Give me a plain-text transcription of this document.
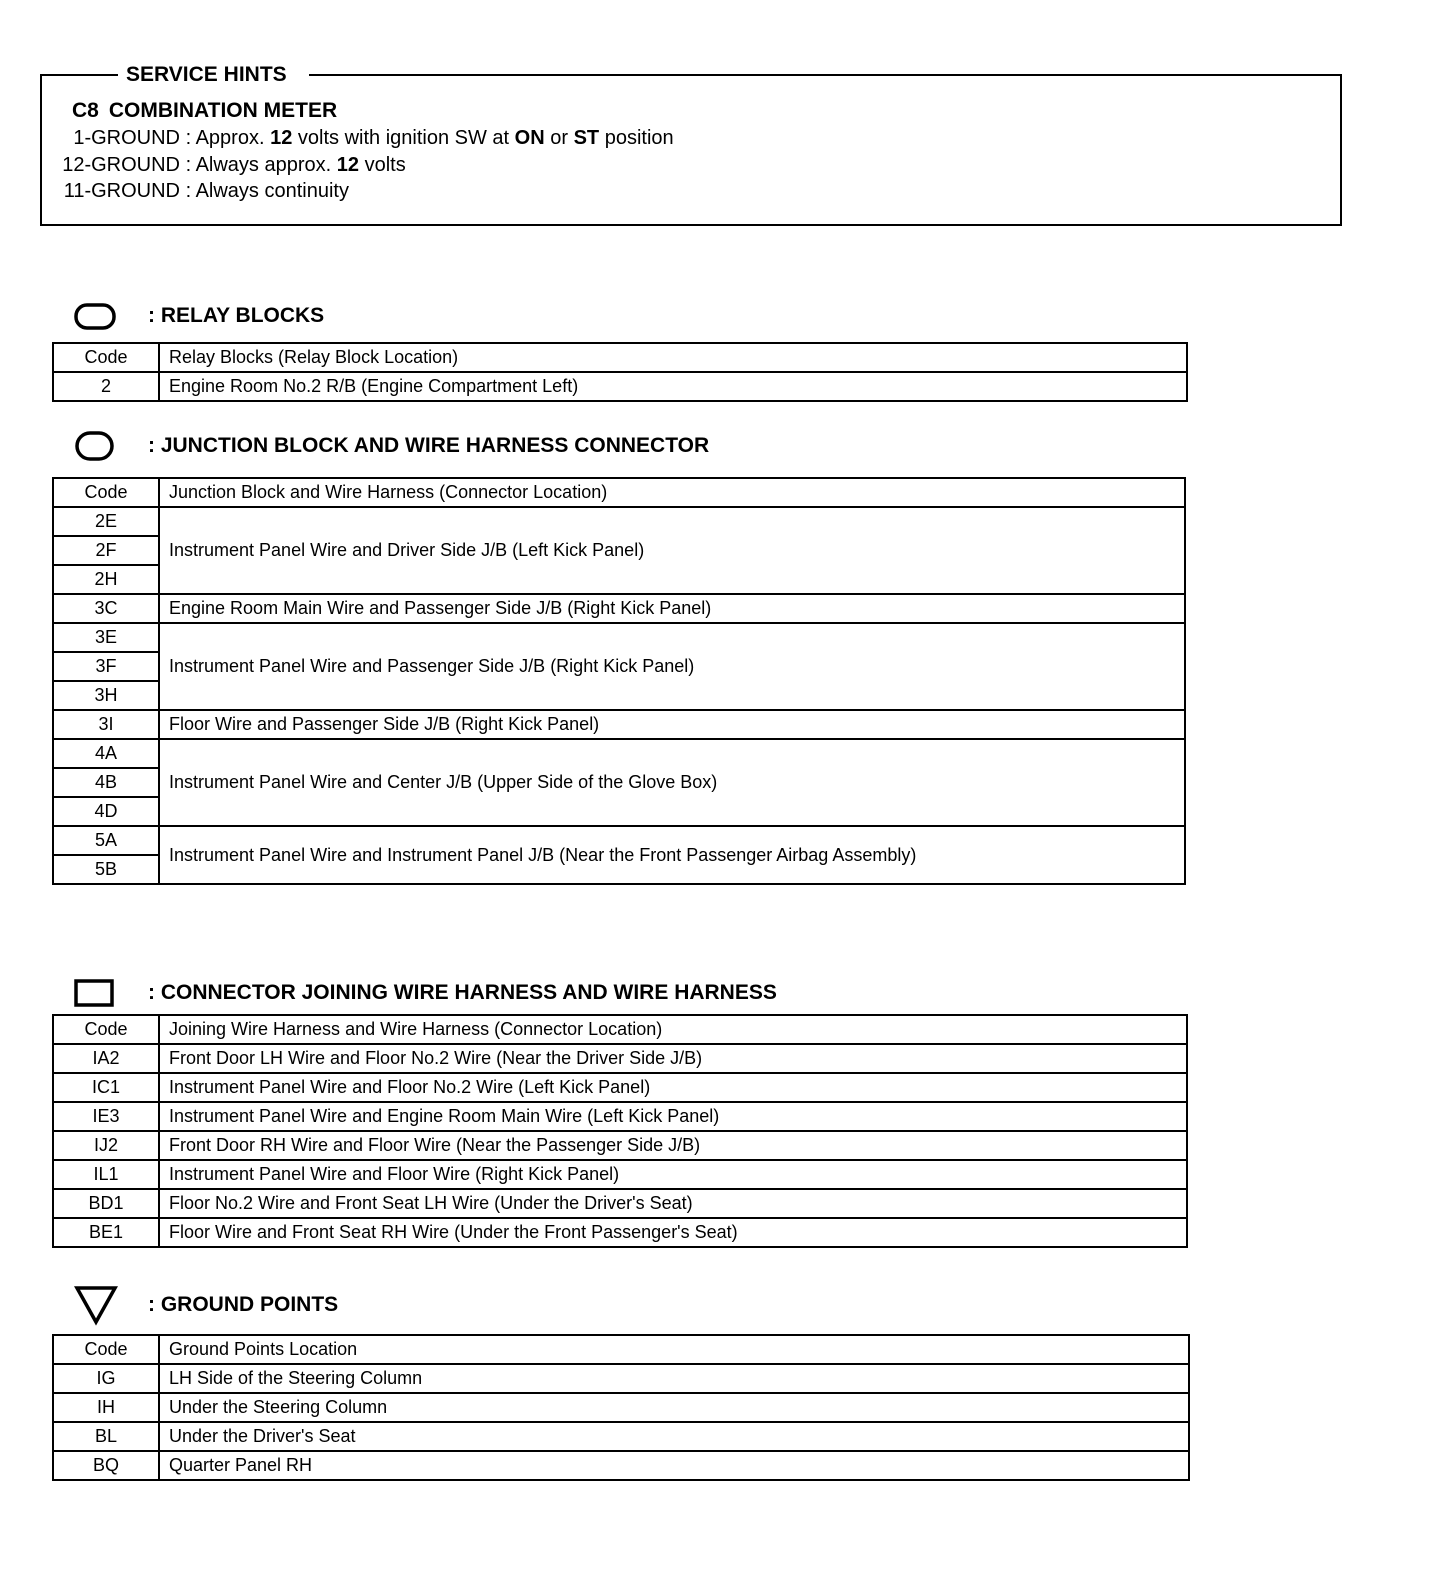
SERVICE HINTS
C8 COMBINATION METER
1-GROUND : Approx. 12 volts with ignition SW at ON or ST position
12-GROUND : Always approx. 12 volts
11-GROUND : Always continuity
: RELAY BLOCKS
Code	Relay Blocks (Relay Block Location)
2	Engine Room No.2 R/B (Engine Compartment Left)
: JUNCTION BLOCK AND WIRE HARNESS CONNECTOR
Code	Junction Block and Wire Harness (Connector Location)
2E	Instrument Panel Wire and Driver Side J/B (Left Kick Panel)
2F	
2H	
3C	Engine Room Main Wire and Passenger Side J/B (Right Kick Panel)
3E	Instrument Panel Wire and Passenger Side J/B (Right Kick Panel)
3F	
3H	
3I	Floor Wire and Passenger Side J/B (Right Kick Panel)
4A	Instrument Panel Wire and Center J/B (Upper Side of the Glove Box)
4B	
4D	
5A	Instrument Panel Wire and Instrument Panel J/B (Near the Front Passenger Airbag Assembly)
5B	
: CONNECTOR JOINING WIRE HARNESS AND WIRE HARNESS
Code	Joining Wire Harness and Wire Harness (Connector Location)
IA2	Front Door LH Wire and Floor No.2 Wire (Near the Driver Side J/B)
IC1	Instrument Panel Wire and Floor No.2 Wire (Left Kick Panel)
IE3	Instrument Panel Wire and Engine Room Main Wire (Left Kick Panel)
IJ2	Front Door RH Wire and Floor Wire (Near the Passenger Side J/B)
IL1	Instrument Panel Wire and Floor Wire (Right Kick Panel)
BD1	Floor No.2 Wire and Front Seat LH Wire (Under the Driver's Seat)
BE1	Floor Wire and Front Seat RH Wire (Under the Front Passenger's Seat)
: GROUND POINTS
Code	Ground Points Location
IG	LH Side of the Steering Column
IH	Under the Steering Column
BL	Under the Driver's Seat
BQ	Quarter Panel RH
